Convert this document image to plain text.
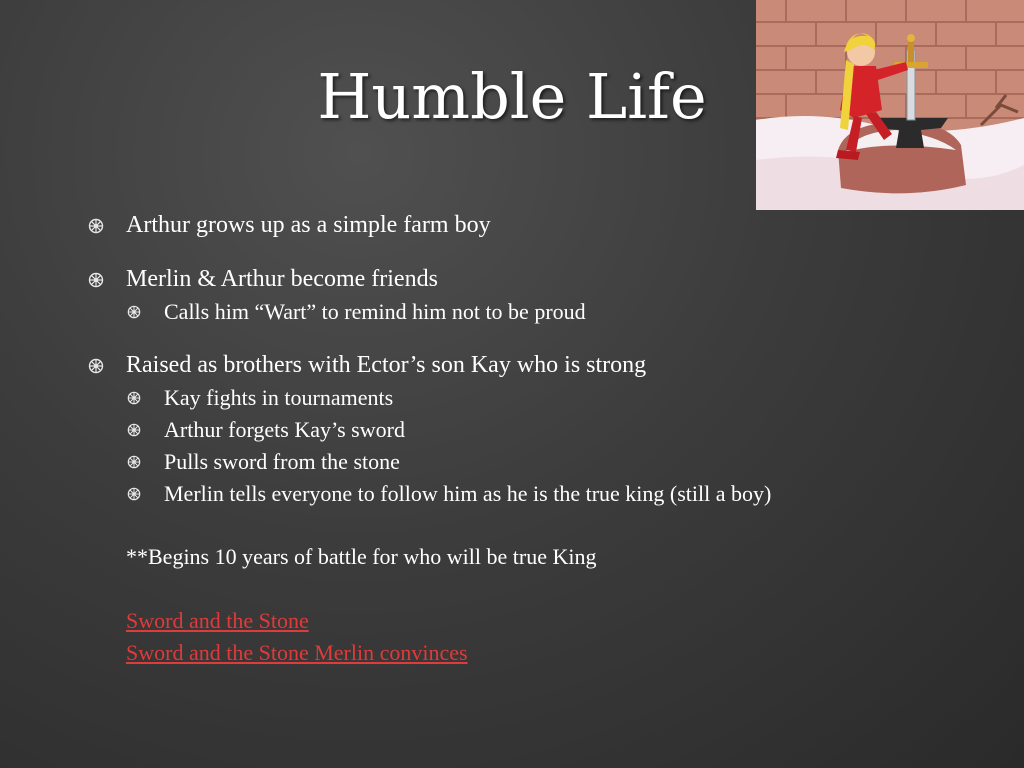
Humble Life
Arthur grows up as a simple farm boy
Merlin & Arthur become friends
Calls him “Wart” to remind him not to be proud
Raised as brothers with Ector’s son Kay who is strong
Kay fights in tournaments
Arthur forgets Kay’s sword
Pulls sword from the stone
Merlin tells everyone to follow him as he is the true king (still a boy)
**Begins 10 years of battle for who will be true King
Sword and the Stone
Sword and the Stone Merlin convinces
